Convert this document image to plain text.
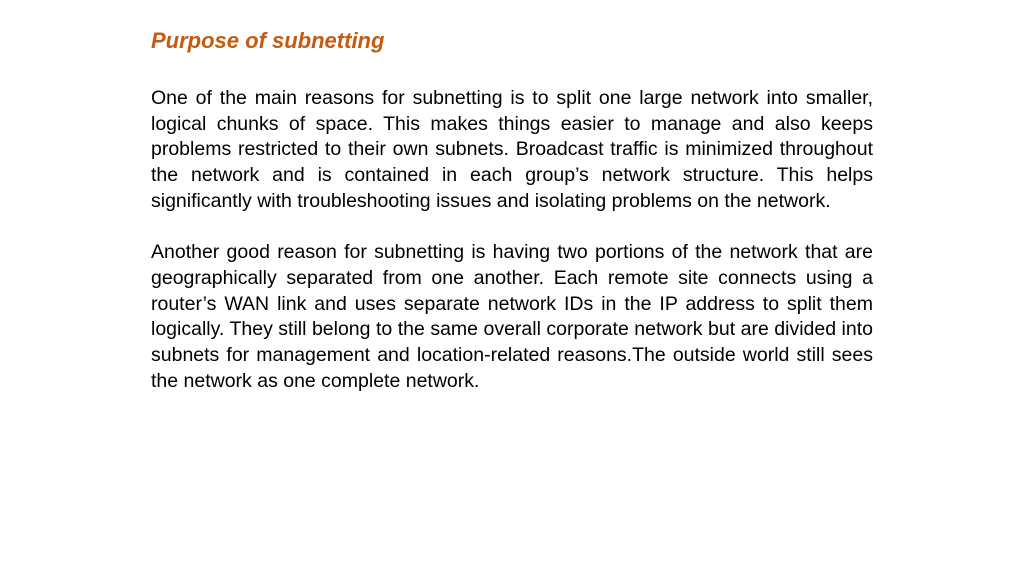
Purpose of subnetting

One of the main reasons for subnetting is to split one large network into smaller, logical chunks of space. This makes things easier to manage and also keeps problems restricted to their own subnets. Broadcast traffic is minimized throughout the network and is contained in each group’s network structure. This helps significantly with troubleshooting issues and isolating problems on the network.

Another good reason for subnetting is having two portions of the network that are geographically separated from one another. Each remote site connects using a router’s WAN link and uses separate network IDs in the IP address to split them logically. They still belong to the same overall corporate network but are divided into subnets for management and location-related reasons.The outside world still sees the network as one complete network.
